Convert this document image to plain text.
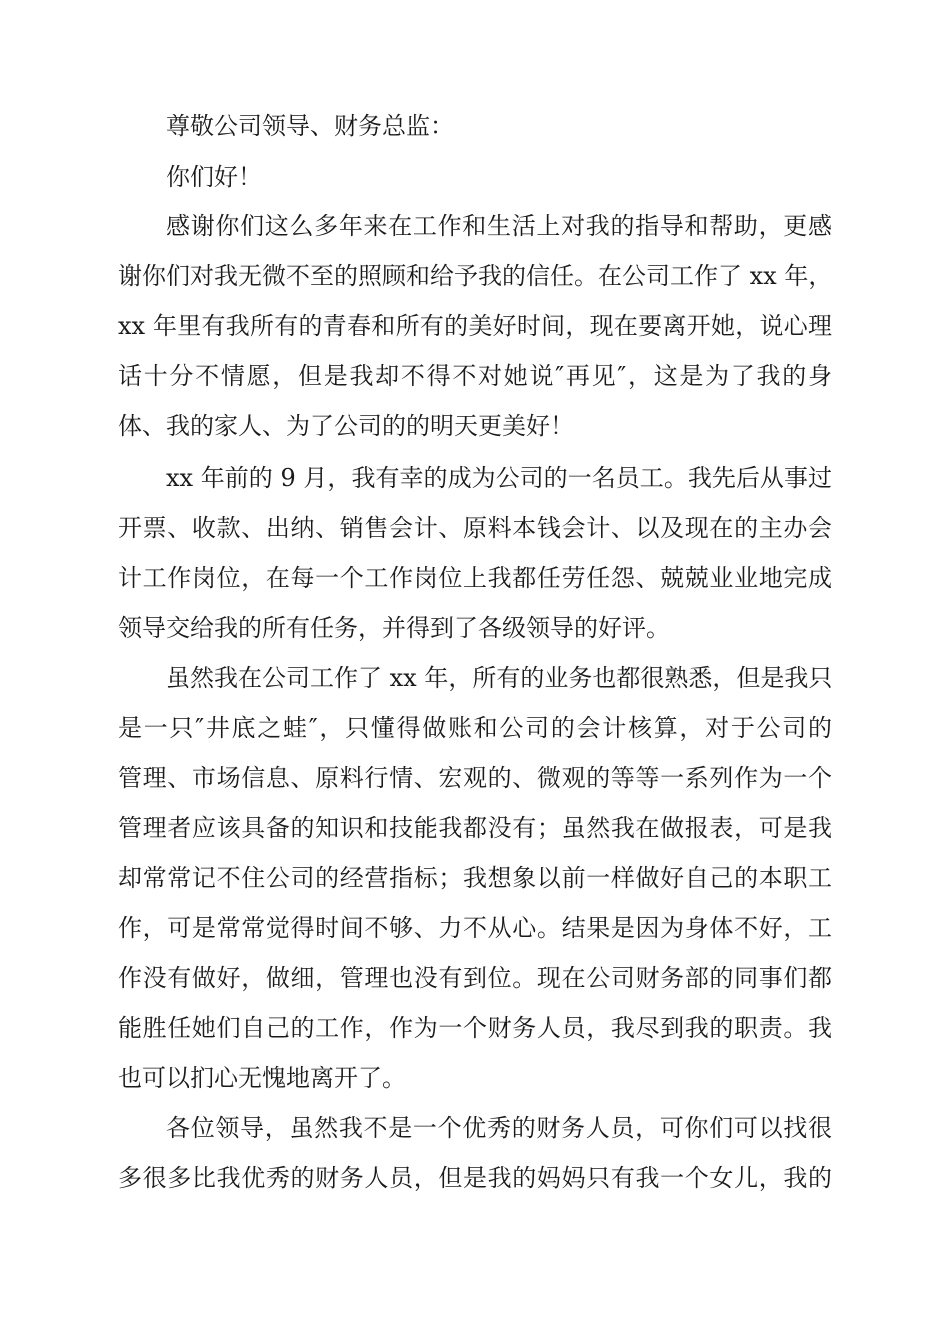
尊敬公司领导、财务总监：

你们好！

感谢你们这么多年来在工作和生活上对我的指导和帮助，更感

谢你们对我无微不至的照顾和给予我的信任。在公司工作了 xx 年，

xx 年里有我所有的青春和所有的美好时间，现在要离开她，说心理

话十分不情愿，但是我却不得不对她说″再见″，这是为了我的身

体、我的家人、为了公司的的明天更美好！

xx 年前的 9 月，我有幸的成为公司的一名员工。我先后从事过

开票、收款、出纳、销售会计、原料本钱会计、以及现在的主办会

计工作岗位，在每一个工作岗位上我都任劳任怨、兢兢业业地完成

领导交给我的所有任务，并得到了各级领导的好评。

虽然我在公司工作了 xx 年，所有的业务也都很熟悉，但是我只

是一只″井底之蛙″，只懂得做账和公司的会计核算，对于公司的

管理、市场信息、原料行情、宏观的、微观的等等一系列作为一个

管理者应该具备的知识和技能我都没有；虽然我在做报表，可是我

却常常记不住公司的经营指标；我想象以前一样做好自己的本职工

作，可是常常觉得时间不够、力不从心。结果是因为身体不好，工

作没有做好，做细，管理也没有到位。现在公司财务部的同事们都

能胜任她们自己的工作，作为一个财务人员，我尽到我的职责。我

也可以扪心无愧地离开了。

各位领导，虽然我不是一个优秀的财务人员，可你们可以找很

多很多比我优秀的财务人员，但是我的妈妈只有我一个女儿，我的
